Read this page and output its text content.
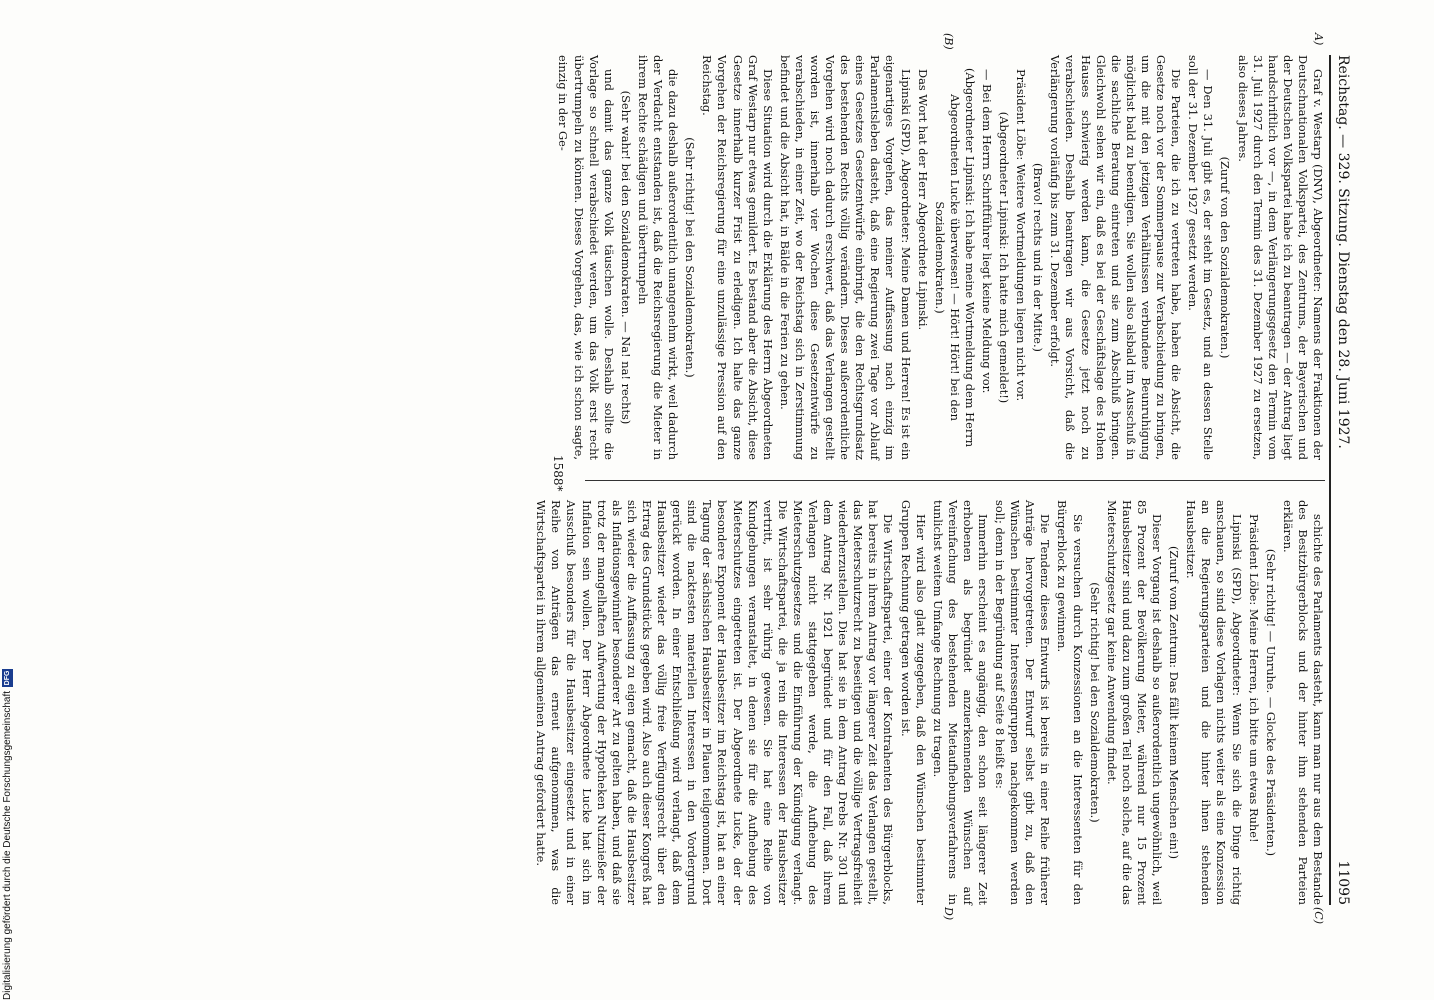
Reichstag. — 329. Sitzung. Dienstag den 28. Juni 1927.
11095

Graf v. Westarp (DNV), Abgeordneter: Namens der Fraktionen der Deutschnationalen Volkspartei, des Zentrums, der Bayerischen und der Deutschen Volkspartei habe ich zu beantragen — der Antrag liegt handschriftlich vor —, in dem Verlängerungsgesetz den Termin vom 31. Juli 1927 durch den Termin des 31. Dezember 1927 zu ersetzen, also dieses Jahres.

(Zuruf von den Sozialdemokraten.)

— Den 31. Juli gibt es, der steht im Gesetz, und an dessen Stelle soll der 31. Dezember 1927 gesetzt werden.

Die Parteien, die ich zu vertreten habe, haben die Absicht, die Gesetze noch vor der Sommerpause zur Verabschiedung zu bringen, um die mit den jetzigen Verhältnissen verbundene Beunruhigung möglichst bald zu beendigen. Sie wollen also alsbald im Ausschuß in die sachliche Beratung eintreten und sie zum Abschluß bringen. Gleichwohl sehen wir ein, daß es bei der Geschäftslage des Hohen Hauses schwierig werden kann, die Gesetze jetzt noch zu verabschieden. Deshalb beantragen wir aus Vorsicht, daß die Verlängerung vorläufig bis zum 31. Dezember erfolgt.

(Bravo! rechts und in der Mitte.)

Präsident Löbe: Weitere Wortmeldungen liegen nicht vor.

(Abgeordneter Lipinski: Ich hatte mich gemeldet!)

— Bei dem Herrn Schriftführer liegt keine Meldung vor.

(Abgeordneter Lipinski: Ich habe meine Wortmeldung dem Herrn Abgeordneten Lucke überwiesen! — Hört! Hört! bei den Sozialdemokraten.)

Das Wort hat der Herr Abgeordnete Lipinski.

Lipinski (SPD), Abgeordneter: Meine Damen und Herren! Es ist ein eigenartiges Vorgehen, das meiner Auffassung nach einzig im Parlamentsleben dasteht, daß eine Regierung zwei Tage vor Ablauf eines Gesetzes Gesetzentwürfe einbringt, die den Rechtsgrundsatz des bestehenden Rechts völlig verändern. Dieses außerordentliche Vorgehen wird noch dadurch erschwert, daß das Verlangen gestellt worden ist, innerhalb vier Wochen diese Gesetzentwürfe zu verabschieden, in einer Zeit, wo der Reichstag sich in Zerstimmung befindet und die Absicht hat, in Bälde in die Ferien zu gehen.

Diese Situation wird durch die Erklärung des Herrn Abgeordneten Graf Westarp nur etwas gemildert. Es bestand aber die Absicht, diese Gesetze innerhalb kurzer Frist zu erledigen. Ich halte das ganze Vorgehen der Reichsregierung für eine unzulässige Pression auf den Reichstag.

(Sehr richtig! bei den Sozialdemokraten.)

die dazu deshalb außerordentlich unangenehm wirkt, weil dadurch der Verdacht entstanden ist, daß die Reichsregierung die Mieter in ihrem Rechte schädigen und übertrumpeln

(Sehr wahr! bei den Sozialdemokraten. — Na! na! rechts)

und damit das ganze Volk täuschen wolle. Deshalb sollte die Vorlage so schnell verabschiedet werden, um das Volk erst recht übertrumpeln zu können. Dieses Vorgehen, das, wie ich schon sagte, einzig in der Ge-

schichte des Parlaments dasteht, kann man nur aus dem Bestande des Besitzbürgerblocks und der hinter ihm stehenden Parteien erklären.

(Sehr richtig! — Unruhe. — Glocke des Präsidenten.)

Präsident Löbe: Meine Herren, ich bitte um etwas Ruhe!

Lipinski (SPD), Abgeordneter: Wenn Sie sich die Dinge richtig anschauen, so sind diese Vorlagen nichts weiter als eine Konzession an die Regierungsparteien und die hinter ihnen stehenden Hausbesitzer.

(Zuruf vom Zentrum: Das fällt keinem Menschen ein!)

Dieser Vorgang ist deshalb so außerordentlich ungewöhnlich, weil 85 Prozent der Bevölkerung Mieter, während nur 15 Prozent Hausbesitzer sind und dazu zum großen Teil noch solche, auf die das Mieterschutzgesetz gar keine Anwendung findet.

(Sehr richtig! bei den Sozialdemokraten.)

Sie versuchen durch Konzessionen an die Interessenten für den Bürgerblock zu gewinnen.

Die Tendenz dieses Entwurfs ist bereits in einer Reihe früherer Anträge hervorgetreten. Der Entwurf selbst gibt zu, daß den Wünschen bestimmter Interessengruppen nachgekommen werden soll; denn in der Begründung auf Seite 8 heißt es:

Immerhin erscheint es angängig, den schon seit längerer Zeit erhobenen als begründet anzuerkennenden Wünschen auf Vereinfachung des bestehenden Mietaufhebungsverfahrens in tunlichst weitem Umfange Rechnung zu tragen.

Hier wird also glatt zugegeben, daß den Wünschen bestimmter Gruppen Rechnung getragen worden ist.

Die Wirtschaftspartei, einer der Kontrahenten des Bürgerblocks, hat bereits in ihrem Antrag vor längerer Zeit das Verlangen gestellt, das Mieterschutzrecht zu beseitigen und die völlige Vertragsfreiheit wiederherzustellen. Dies hat sie in dem Antrag Drebs Nr. 301 und dem Antrag Nr. 1921 begründet und für den Fall, daß ihrem Verlangen nicht stattgegeben werde, die Aufhebung des Mieterschutzgesetzes und die Einführung der Kündigung verlangt. Die Wirtschaftspartei, die ja rein die Interessen der Hausbesitzer vertritt, ist sehr rührig gewesen. Sie hat eine Reihe von Kundgebungen veranstaltet, in denen sie für die Aufhebung des Mieterschutzes eingetreten ist. Der Abgeordnete Lucke, der der besondere Exponent der Hausbesitzer im Reichstag ist, hat an einer Tagung der sächsischen Hausbesitzer in Plauen teilgenommen. Dort sind die nacktesten materiellen Interessen in den Vordergrund gerückt worden. In einer Entschließung wird verlangt, daß dem Hausbesitzer wieder das völlig freie Verfügungsrecht über den Ertrag des Grundstücks gegeben wird. Also auch dieser Kongreß hat sich wieder die Auffassung zu eigen gemacht, daß die Hausbesitzer als Inflationsgewinnler besonderer Art zu gelten haben, und daß sie trotz der mangelhaften Aufwertung der Hypotheken Nutznießer der Inflation sein wollen. Der Herr Abgeordnete Lucke hat sich im Ausschuß besonders für die Hausbesitzer eingesetzt und in einer Reihe von Anträgen das erneut aufgenommen, was die Wirtschaftspartei in ihrem allgemeinen Antrag gefordert hatte.

A)
(B)
(C)
D)
1588*
Digitalisierung gefördert durch die Deutsche Forschungsgemeinschaft
DFG
